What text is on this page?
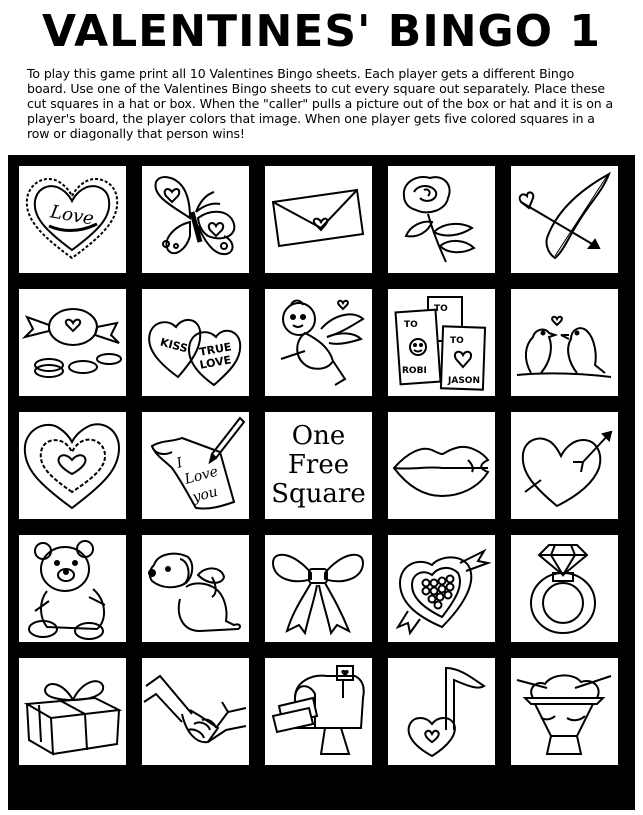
VALENTINES' BINGO 1
To play this game print all 10 Valentines Bingo sheets. Each player gets a different Bingo board. Use one of the Valentines Bingo sheets to cut every square out separately. Place these cut squares in a hat or box. When the "caller" pulls a picture out of the box or hat and it is on a player's board, the player colors that image. When one player gets five colored squares in a row or diagonally that person wins!
Love
KISS TRUE
LOVE
TO
TO
ROBI
TO
JASON
I
Love
you
One
Free
Square
